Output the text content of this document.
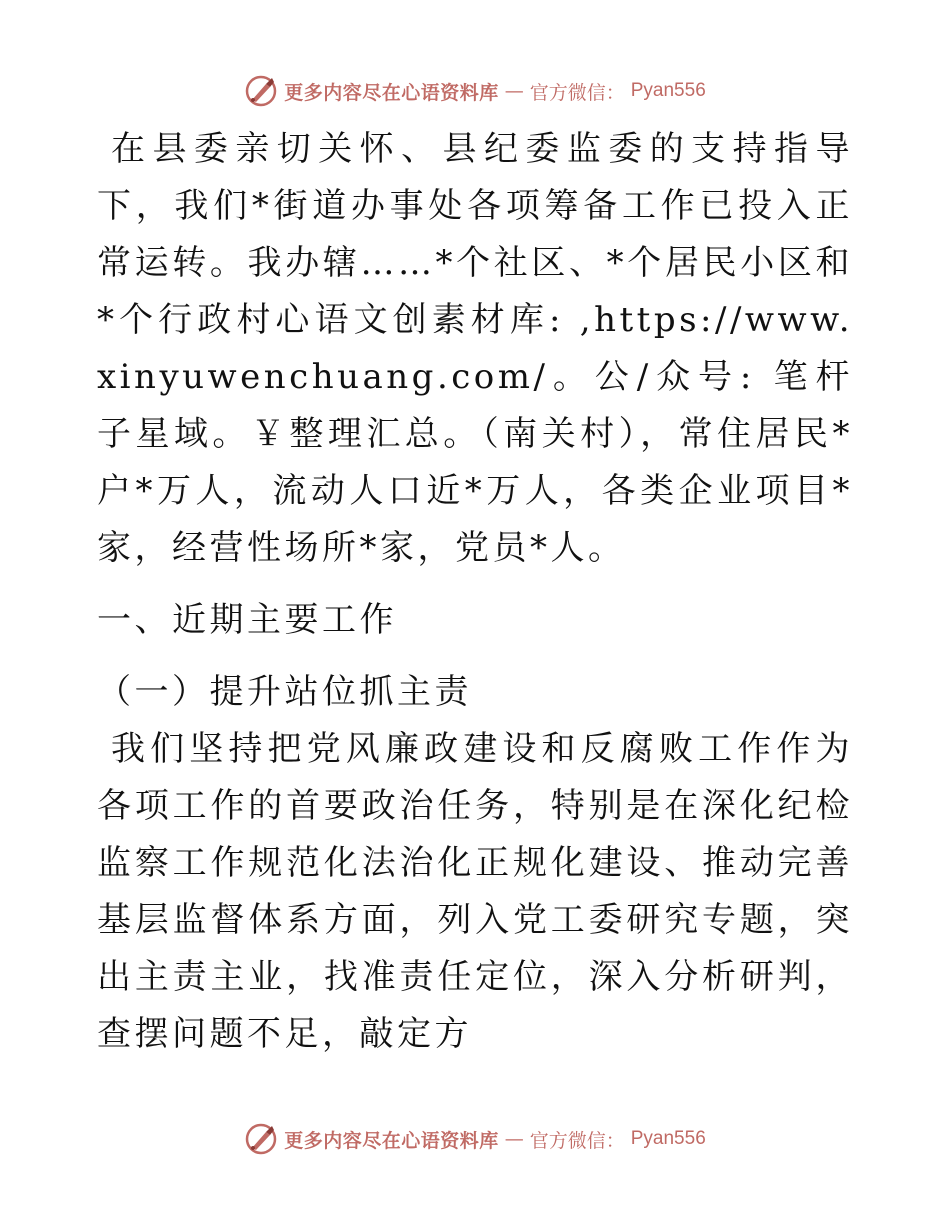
更多内容尽在心语资料库 — 官方微信： Pyan556

在县委亲切关怀、县纪委监委的支持指导下，我们*街道办事处各项筹备工作已投入正常运转。我办辖……*个社区、*个居民小区和*个行政村心语文创素材库: ,https://www.xinyuwenchuang.com/。公/众号: 笔杆子星域。￥整理汇总。（南关村），常住居民*户*万人，流动人口近*万人，各类企业项目*家，经营性场所*家，党员*人。

一、近期主要工作

（一）提升站位抓主责

我们坚持把党风廉政建设和反腐败工作作为各项工作的首要政治任务，特别是在深化纪检监察工作规范化法治化正规化建设、推动完善基层监督体系方面，列入党工委研究专题，突出主责主业，找准责任定位，深入分析研判，查摆问题不足，敲定方

更多内容尽在心语资料库 — 官方微信： Pyan556
